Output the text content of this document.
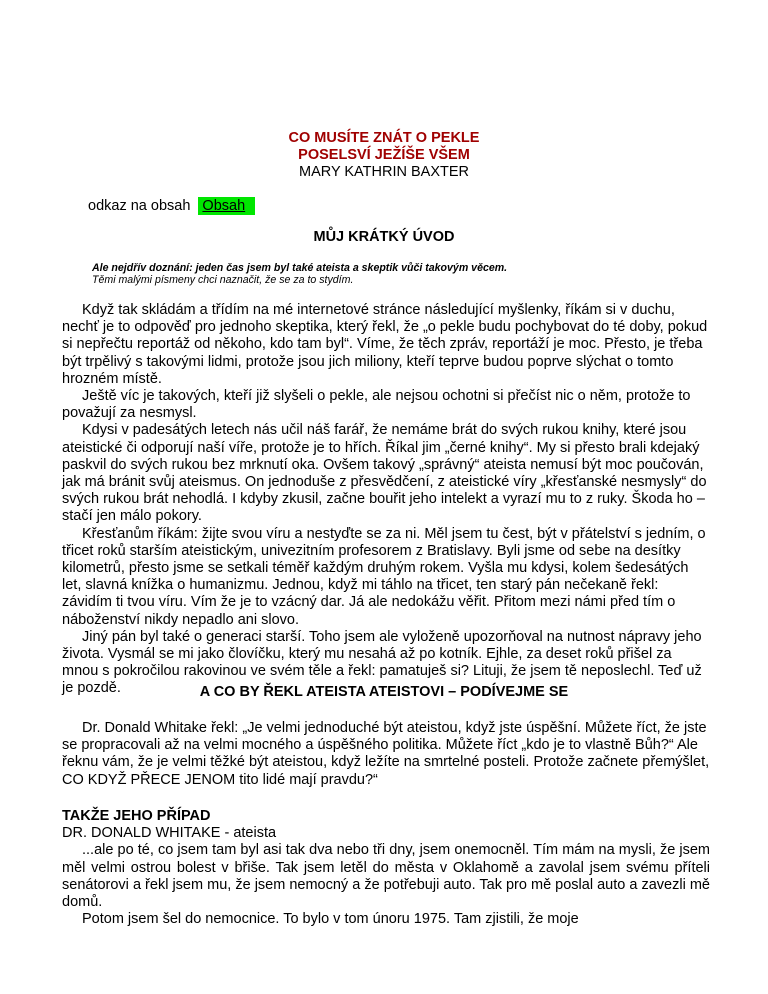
CO MUSÍTE ZNÁT O PEKLE
POSELSVÍ JEŽÍŠE VŠEM
MARY KATHRIN BAXTER
odkaz na obsah Obsah
MŮJ KRÁTKÝ ÚVOD
Ale nejdřív doznání: jeden čas jsem byl také ateista a skeptik vůči takovým věcem.
Těmi malými písmeny chci naznačit, že se za to stydím.

Když tak skládám a třídím na mé internetové stránce následující myšlenky, říkám si v duchu, nechť je to odpověď pro jednoho skeptika, který řekl, že „o pekle budu pochybovat do té doby, pokud si nepřečtu reportáž od někoho, kdo tam byl“. Víme, že těch zpráv, reportáží je moc. Přesto, je třeba být trpělivý s takovými lidmi, protože jsou jich miliony, kteří teprve budou poprve slýchat o tomto hrozném místě.

Ještě víc je takových, kteří již slyšeli o pekle, ale nejsou ochotni si přečíst nic o něm, protože to považují za nesmysl.

Kdysi v padesátých letech nás učil náš farář, že nemáme brát do svých rukou knihy, které jsou ateistické či odporují naší víře, protože je to hřích. Říkal jim „černé knihy“. My si přesto brali kdejaký paskvil do svých rukou bez mrknutí oka. Ovšem takový „správný“ ateista nemusí být moc poučován, jak má bránit svůj ateismus. On jednoduše z přesvědčení, z ateistické víry „křesťanské nesmysly“ do svých rukou brát nehodlá. I kdyby zkusil, začne bouřit jeho intelekt a vyrazí mu to z ruky. Škoda ho – stačí jen málo pokory.

Křesťanům říkám: žijte svou víru a nestyďte se za ni. Měl jsem tu čest, být v přátelství s jedním, o třicet roků starším ateistickým, univezitním profesorem z Bratislavy. Byli jsme od sebe na desítky kilometrů, přesto jsme se setkali téměř každým druhým rokem. Vyšla mu kdysi, kolem šedesátých let, slavná knížka o humanizmu. Jednou, když mi táhlo na třicet, ten starý pán nečekaně řekl: závidím ti tvou víru. Vím že je to vzácný dar. Já ale nedokážu věřit. Přitom mezi námi před tím o náboženství nikdy nepadlo ani slovo.

Jiný pán byl také o generaci starší. Toho jsem ale vyloženě upozorňoval na nutnost nápravy jeho života. Vysmál se mi jako človíčku, který mu nesahá až po kotník. Ejhle, za deset roků přišel za mnou s pokročilou rakovinou ve svém těle a řekl: pamatuješ si? Lituji, že jsem tě neposlechl. Teď už je pozdě.	A CO BY ŘEKL ATEISTA ATEISTOVI – PODÍVEJME SE

Dr. Donald Whitake řekl: „Je velmi jednoduché být ateistou, když jste úspěšní. Můžete říct, že jste se propracovali až na velmi mocného a úspěšného politika. Můžete říct „kdo je to vlastně Bůh?“ Ale řeknu vám, že je velmi těžké být ateistou, když ležíte na smrtelné posteli. Protože začnete přemýšlet, CO KDYŽ PŘECE JENOM tito lidé mají pravdu?“

TAKŽE JEHO PŘÍPAD

DR. DONALD WHITAKE - ateista

...ale po té, co jsem tam byl asi tak dva nebo tři dny, jsem onemocněl. Tím mám na mysli, že jsem měl velmi ostrou bolest v břiše. Tak jsem letěl do města v Oklahomě a zavolal jsem svému příteli senátorovi a řekl jsem mu, že jsem nemocný a že potřebuji auto. Tak pro mě poslal auto a zavezli mě domů.

Potom jsem šel do nemocnice. To bylo v tom únoru 1975. Tam zjistili, že moje
